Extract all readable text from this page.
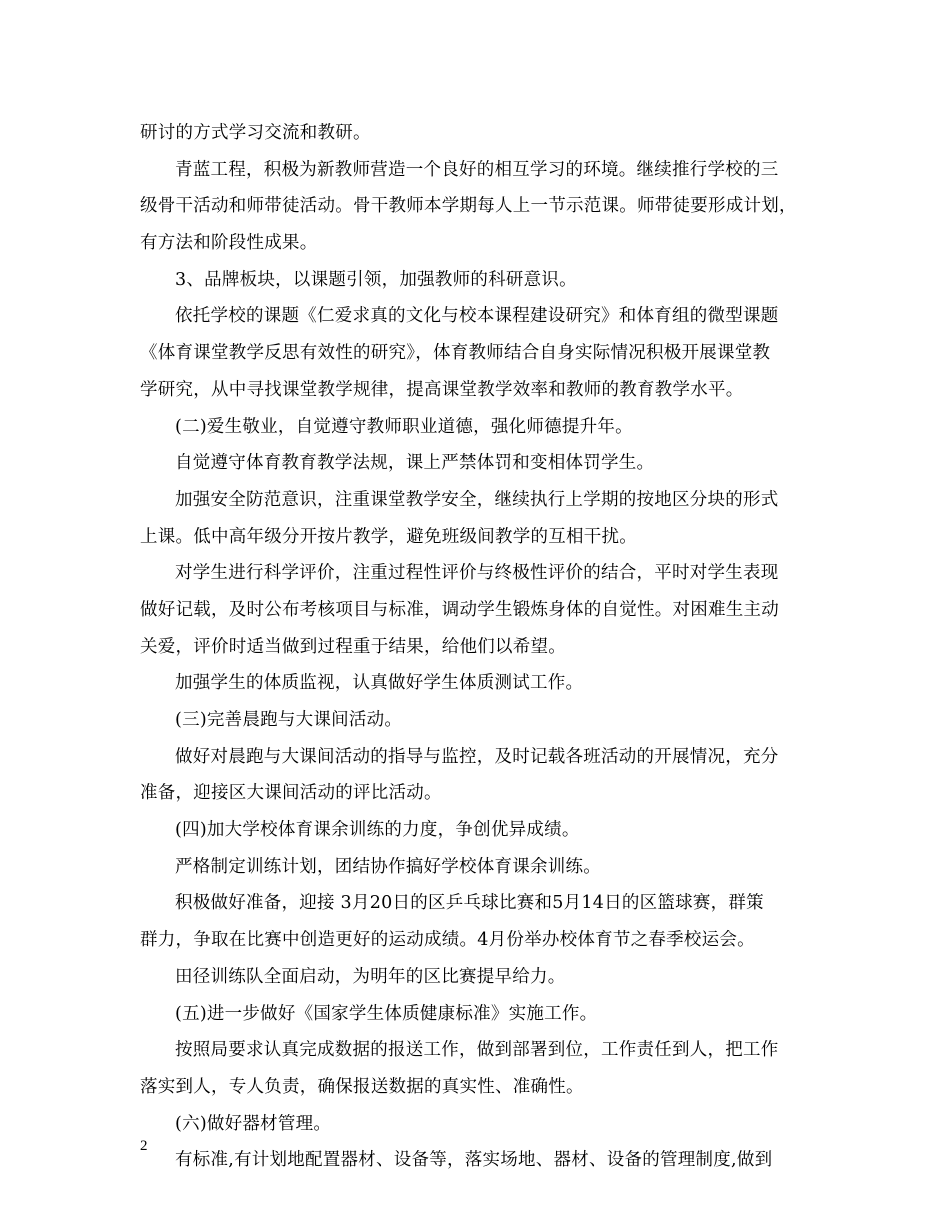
研讨的方式学习交流和教研。
青蓝工程，积极为新教师营造一个良好的相互学习的环境。继续推行学校的三
级骨干活动和师带徒活动。骨干教师本学期每人上一节示范课。师带徒要形成计划，
有方法和阶段性成果。
3、品牌板块，以课题引领，加强教师的科研意识。
依托学校的课题《仁爱求真的文化与校本课程建设研究》和体育组的微型课题
《体育课堂教学反思有效性的研究》，体育教师结合自身实际情况积极开展课堂教
学研究，从中寻找课堂教学规律，提高课堂教学效率和教师的教育教学水平。
(二)爱生敬业，自觉遵守教师职业道德，强化师德提升年。
自觉遵守体育教育教学法规，课上严禁体罚和变相体罚学生。
加强安全防范意识，注重课堂教学安全，继续执行上学期的按地区分块的形式
上课。低中高年级分开按片教学，避免班级间教学的互相干扰。
对学生进行科学评价，注重过程性评价与终极性评价的结合，平时对学生表现
做好记载，及时公布考核项目与标准，调动学生锻炼身体的自觉性。对困难生主动
关爱，评价时适当做到过程重于结果，给他们以希望。
加强学生的体质监视，认真做好学生体质测试工作。
(三)完善晨跑与大课间活动。
做好对晨跑与大课间活动的指导与监控，及时记载各班活动的开展情况，充分
准备，迎接区大课间活动的评比活动。
(四)加大学校体育课余训练的力度，争创优异成绩。
严格制定训练计划，团结协作搞好学校体育课余训练。
积极做好准备，迎接 3月20日的区乒乓球比赛和5月14日的区篮球赛，群策
群力，争取在比赛中创造更好的运动成绩。4月份举办校体育节之春季校运会。
田径训练队全面启动，为明年的区比赛提早给力。
(五)进一步做好《国家学生体质健康标准》实施工作。
按照局要求认真完成数据的报送工作，做到部署到位，工作责任到人，把工作
落实到人，专人负责，确保报送数据的真实性、准确性。
(六)做好器材管理。
有标准,有计划地配置器材、设备等，落实场地、器材、设备的管理制度,做到
2
